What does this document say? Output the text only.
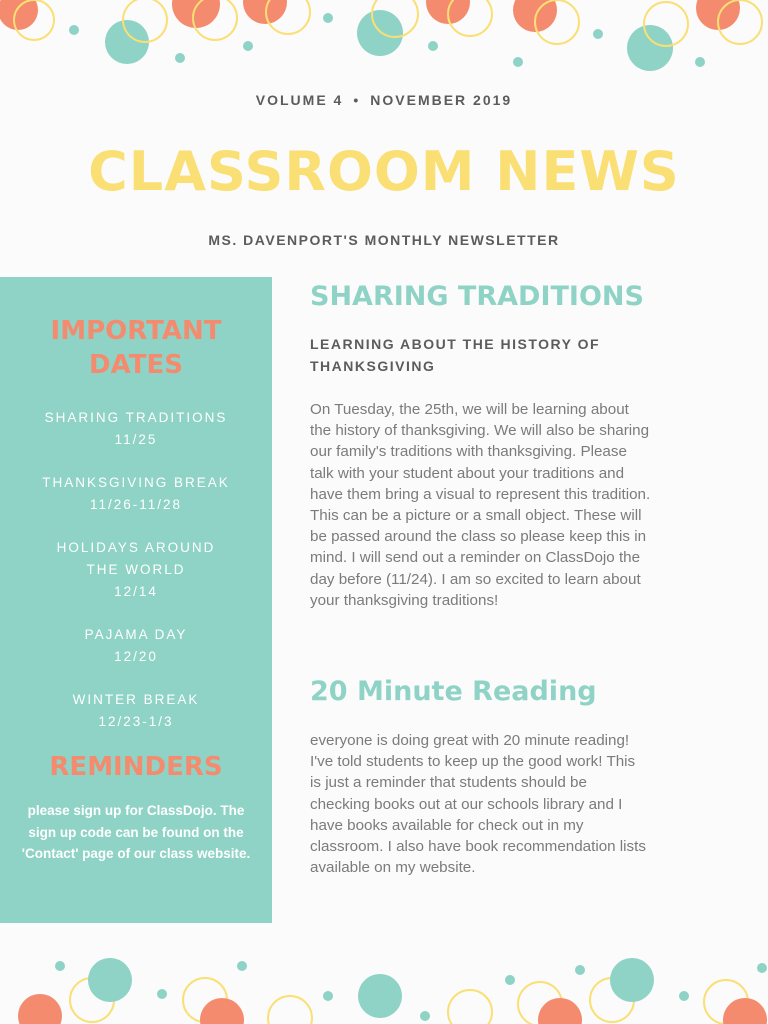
VOLUME 4 • NOVEMBER 2019
CLASSROOM NEWS
MS. DAVENPORT'S MONTHLY NEWSLETTER
IMPORTANT
DATES
SHARING TRADITIONS
11/25
THANKSGIVING BREAK
11/26-11/28
HOLIDAYS AROUND
THE WORLD
12/14
PAJAMA DAY
12/20
WINTER BREAK
12/23-1/3
REMINDERS
please sign up for ClassDojo. The sign up code can be found on the 'Contact' page of our class website.
SHARING TRADITIONS
LEARNING ABOUT THE HISTORY OF THANKSGIVING
On Tuesday, the 25th, we will be learning about the history of thanksgiving. We will also be sharing our family's traditions with thanksgiving. Please talk with your student about your traditions and have them bring a visual to represent this tradition. This can be a picture or a small object. These will be passed around the class so please keep this in mind. I will send out a reminder on ClassDojo the day before (11/24). I am so excited to learn about your thanksgiving traditions!
20 Minute Reading
everyone is doing great with 20 minute reading! I've told students to keep up the good work! This is just a reminder that students should be checking books out at our schools library and I have books available for check out in my classroom. I also have book recommendation lists available on my website.
